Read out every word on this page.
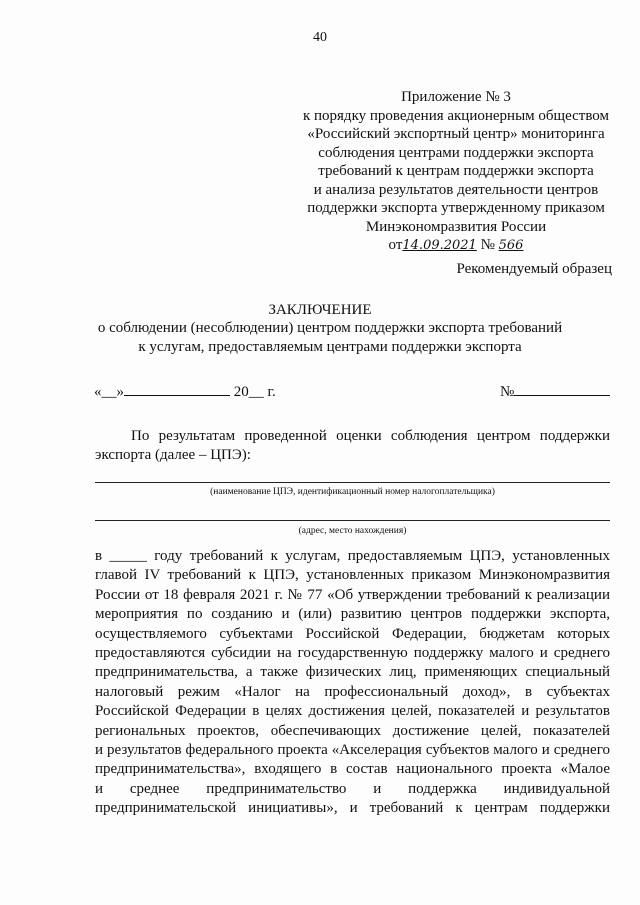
40
Приложение № 3
к порядку проведения акционерным обществом
«Российский экспортный центр» мониторинга
соблюдения центрами поддержки экспорта
требований к центрам поддержки экспорта
и анализа результатов деятельности центров
поддержки экспорта утвержденному приказом
Минэкономразвития России
от14.09.2021 № 566
Рекомендуемый образец
ЗАКЛЮЧЕНИЕ
о соблюдении (несоблюдении) центром поддержки экспорта требований
к услугам, предоставляемым центрами поддержки экспорта
«__»	20__ г.	№
По результатам проведенной оценки соблюдения центром поддержки экспорта (далее – ЦПЭ):
(наименование ЦПЭ, идентификационный номер налогоплательщика)
(адрес, место нахождения)
в _____ году требований к услугам, предоставляемым ЦПЭ, установленных
главой IV требований к ЦПЭ, установленных приказом Минэкономразвития
России от 18 февраля 2021 г. № 77 «Об утверждении требований к реализации
мероприятия по созданию и (или) развитию центров поддержки экспорта,
осуществляемого субъектами Российской Федерации, бюджетам которых
предоставляются субсидии на государственную поддержку малого и среднего
предпринимательства, а также физических лиц, применяющих специальный
налоговый режим «Налог на профессиональный доход», в субъектах
Российской Федерации в целях достижения целей, показателей и результатов
региональных проектов, обеспечивающих достижение целей, показателей
и результатов федерального проекта «Акселерация субъектов малого и среднего
предпринимательства», входящего в состав национального проекта «Малое
и среднее предпринимательство и поддержка индивидуальной
предпринимательской инициативы», и требований к центрам поддержки
